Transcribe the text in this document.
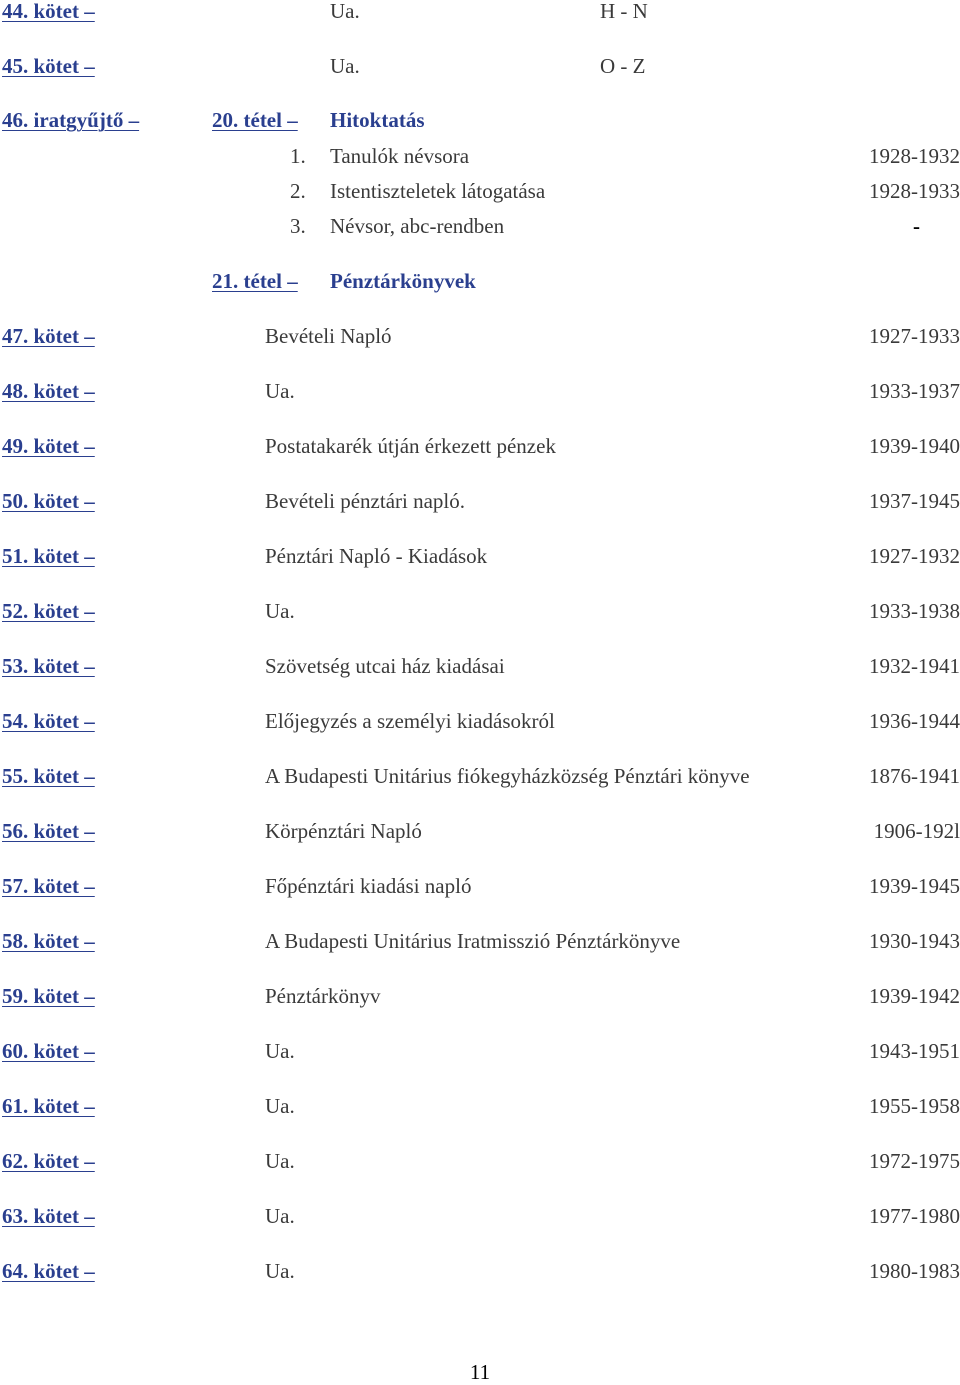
44. kötet –	Ua.	H - N
45. kötet –	Ua.	O - Z
46. iratgyűjtő –	20. tétel – Hitoktatás
1. Tanulók névsora	1928-1932
2. Istentiszteletek látogatása	1928-1933
3. Névsor, abc-rendben	-
21. tétel – Pénztárkönyvek
47. kötet –	Bevételi Napló	1927-1933
48. kötet –	Ua.	1933-1937
49. kötet –	Postatakarék útján érkezett pénzek	1939-1940
50. kötet –	Bevételi pénztári napló.	1937-1945
51. kötet –	Pénztári Napló - Kiadások	1927-1932
52. kötet –	Ua.	1933-1938
53. kötet –	Szövetség utcai ház kiadásai	1932-1941
54. kötet –	Előjegyzés a személyi kiadásokról	1936-1944
55. kötet –	A Budapesti Unitárius fiókegyházközség Pénztári könyve	1876-1941
56. kötet –	Körpénztári Napló	1906-192l
57. kötet –	Főpénztári kiadási napló	1939-1945
58. kötet –	A Budapesti Unitárius Iratmisszió Pénztárkönyve	1930-1943
59. kötet –	Pénztárkönyv	1939-1942
60. kötet –	Ua.	1943-1951
61. kötet –	Ua.	1955-1958
62. kötet –	Ua.	1972-1975
63. kötet –	Ua.	1977-1980
64. kötet –	Ua.	1980-1983
11
